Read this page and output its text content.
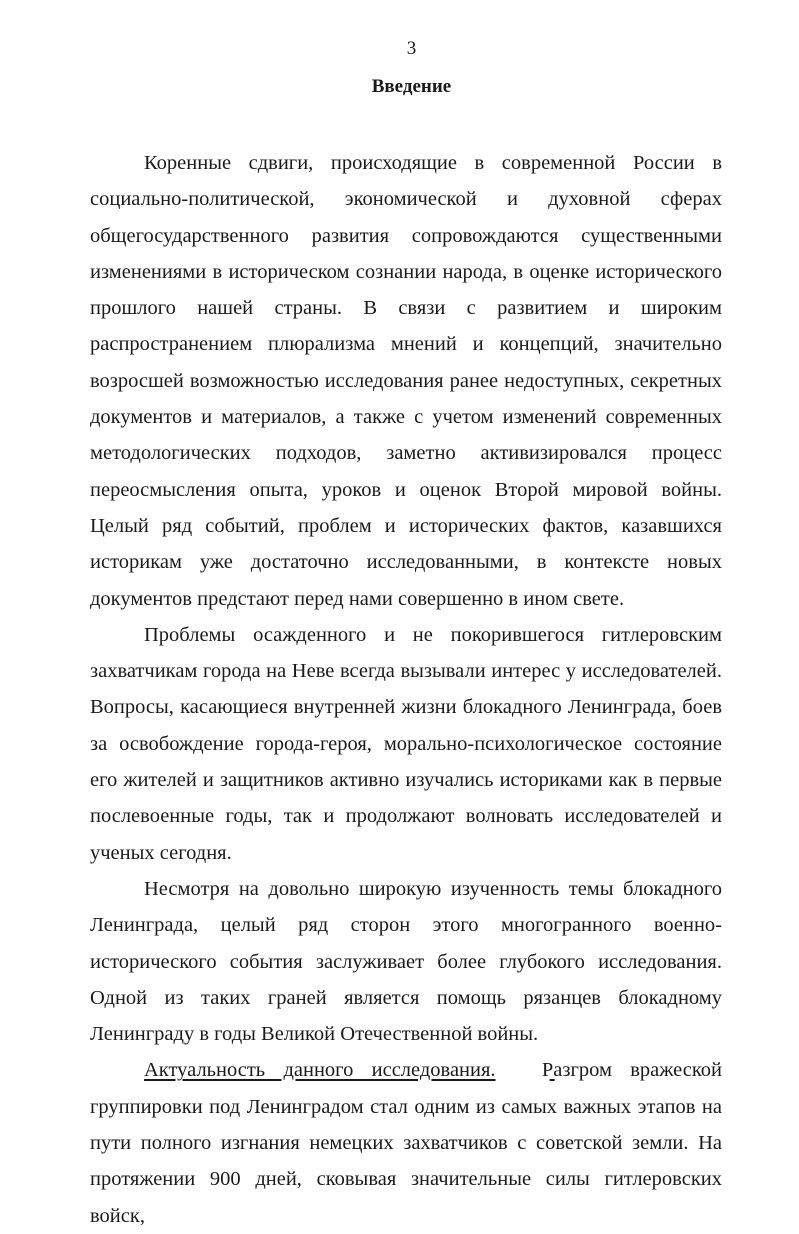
3
Введение

Коренные сдвиги, происходящие в современной России в социально-политической, экономической и духовной сферах общегосударственного развития сопровождаются существенными изменениями в историческом сознании народа, в оценке исторического прошлого нашей страны. В связи с развитием и широким распространением плюрализма мнений и концепций, значительно возросшей возможностью исследования ранее недоступных, секретных документов и материалов, а также с учетом изменений современных методологических подходов, заметно активизировался процесс переосмысления опыта, уроков и оценок Второй мировой войны. Целый ряд событий, проблем и исторических фактов, казавшихся историкам уже достаточно исследованными, в контексте новых документов предстают перед нами совершенно в ином свете.

Проблемы осажденного и не покорившегося гитлеровским захватчикам города на Неве всегда вызывали интерес у исследователей. Вопросы, касающиеся внутренней жизни блокадного Ленинграда, боев за освобождение города-героя, морально-психологическое состояние его жителей и защитников активно изучались историками как в первые послевоенные годы, так и продолжают волновать исследователей и ученых сегодня.

Несмотря на довольно широкую изученность темы блокадного Ленинграда, целый ряд сторон этого многогранного военно-исторического события заслуживает более глубокого исследования. Одной из таких граней является помощь рязанцев блокадному Ленинграду в годы Великой Отечественной войны.

Актуальность данного исследования. Разгром вражеской группировки под Ленинградом стал одним из самых важных этапов на пути полного изгнания немецких захватчиков с советской земли. На протяжении 900 дней, сковывая значительные силы гитлеровских войск,
